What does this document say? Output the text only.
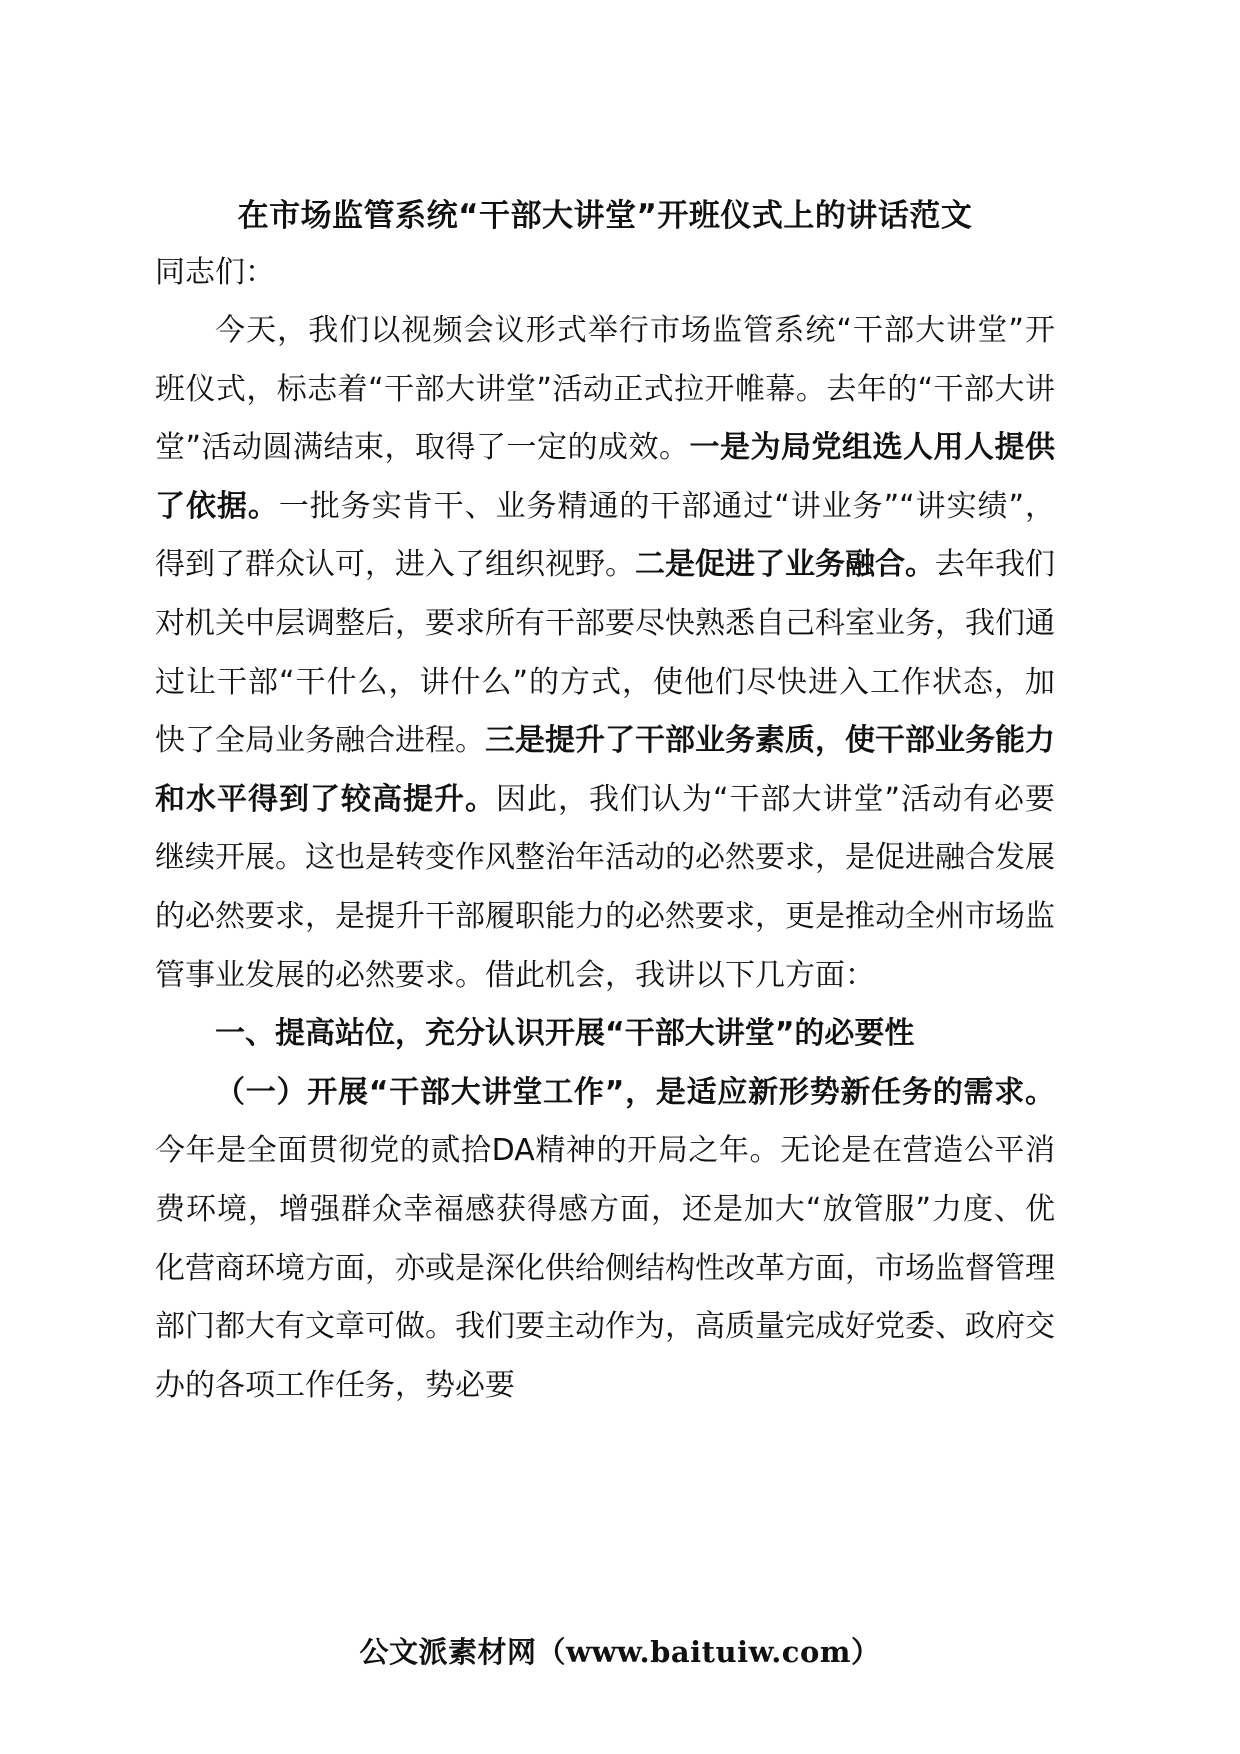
在市场监管系统“干部大讲堂”开班仪式上的讲话范文

同志们：

今天，我们以视频会议形式举行市场监管系统“干部大讲堂”开班仪式，标志着“干部大讲堂”活动正式拉开帷幕。去年的“干部大讲堂”活动圆满结束，取得了一定的成效。一是为局党组选人用人提供了依据。一批务实肯干、业务精通的干部通过“讲业务”“讲实绩”，得到了群众认可，进入了组织视野。二是促进了业务融合。去年我们对机关中层调整后，要求所有干部要尽快熟悉自己科室业务，我们通过让干部“干什么，讲什么”的方式，使他们尽快进入工作状态，加快了全局业务融合进程。三是提升了干部业务素质，使干部业务能力和水平得到了较高提升。因此，我们认为“干部大讲堂”活动有必要继续开展。这也是转变作风整治年活动的必然要求，是促进融合发展的必然要求，是提升干部履职能力的必然要求，更是推动全州市场监管事业发展的必然要求。借此机会，我讲以下几方面：

一、提高站位，充分认识开展“干部大讲堂”的必要性

（一）开展“干部大讲堂工作”，是适应新形势新任务的需求。今年是全面贯彻党的贰拾DA精神的开局之年。无论是在营造公平消费环境，增强群众幸福感获得感方面，还是加大“放管服”力度、优化营商环境方面，亦或是深化供给侧结构性改革方面，市场监督管理部门都大有文章可做。我们要主动作为，高质量完成好党委、政府交办的各项工作任务，势必要

公文派素材网（www.baituiw.com）
